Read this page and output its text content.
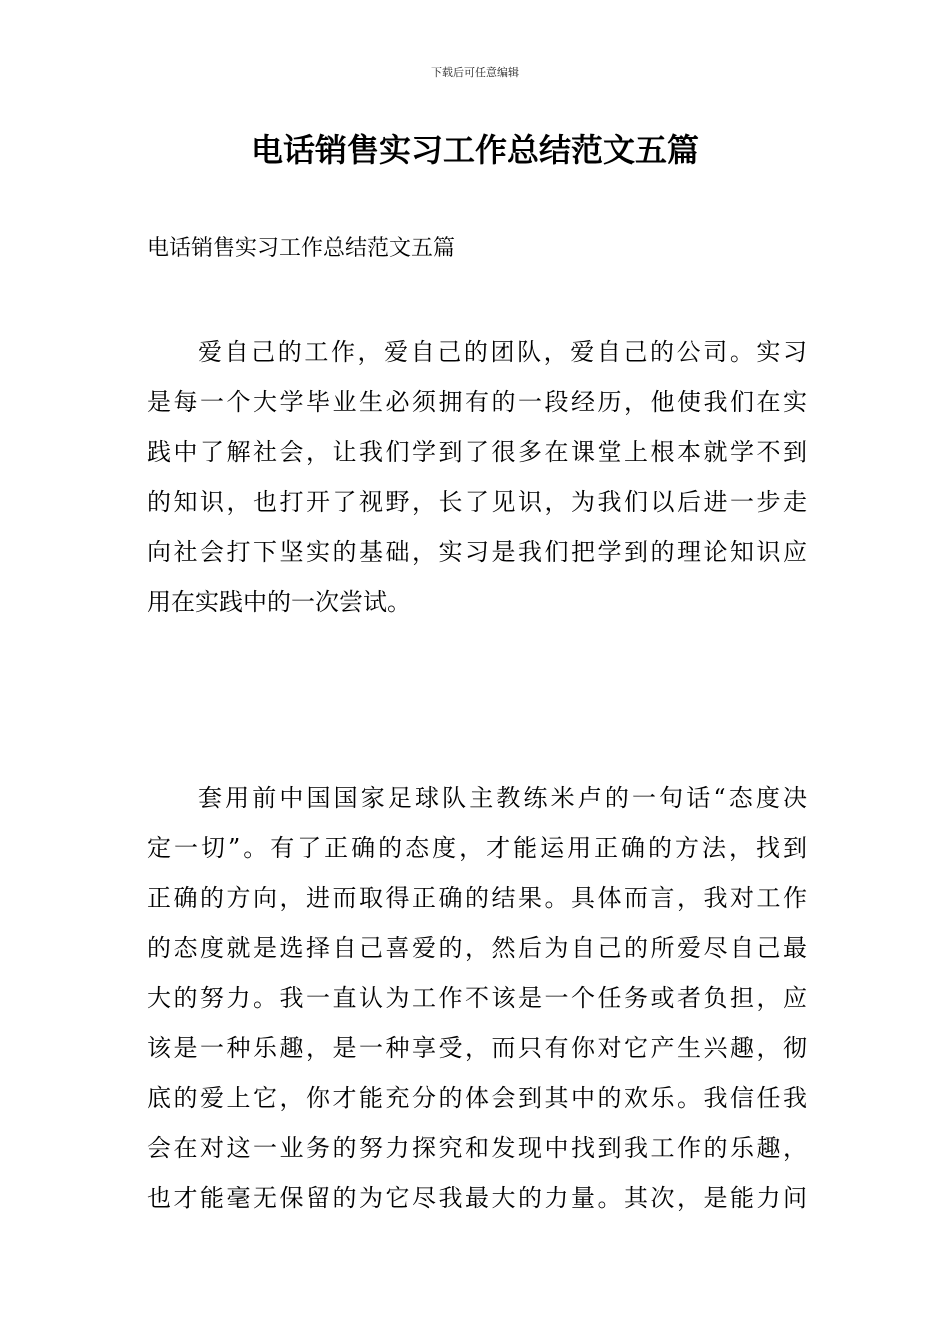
下载后可任意编辑
电话销售实习工作总结范文五篇

电话销售实习工作总结范文五篇

爱自己的工作，爱自己的团队，爱自己的公司。实习
是每一个大学毕业生必须拥有的一段经历，他使我们在实
践中了解社会，让我们学到了很多在课堂上根本就学不到
的知识，也打开了视野，长了见识，为我们以后进一步走
向社会打下坚实的基础，实习是我们把学到的理论知识应
用在实践中的一次尝试。
套用前中国国家足球队主教练米卢的一句话“态度决
定一切”。有了正确的态度，才能运用正确的方法，找到
正确的方向，进而取得正确的结果。具体而言，我对工作
的态度就是选择自己喜爱的，然后为自己的所爱尽自己最
大的努力。我一直认为工作不该是一个任务或者负担，应
该是一种乐趣，是一种享受，而只有你对它产生兴趣，彻
底的爱上它，你才能充分的体会到其中的欢乐。我信任我
会在对这一业务的努力探究和发现中找到我工作的乐趣，
也才能毫无保留的为它尽我最大的力量。其次，是能力问
